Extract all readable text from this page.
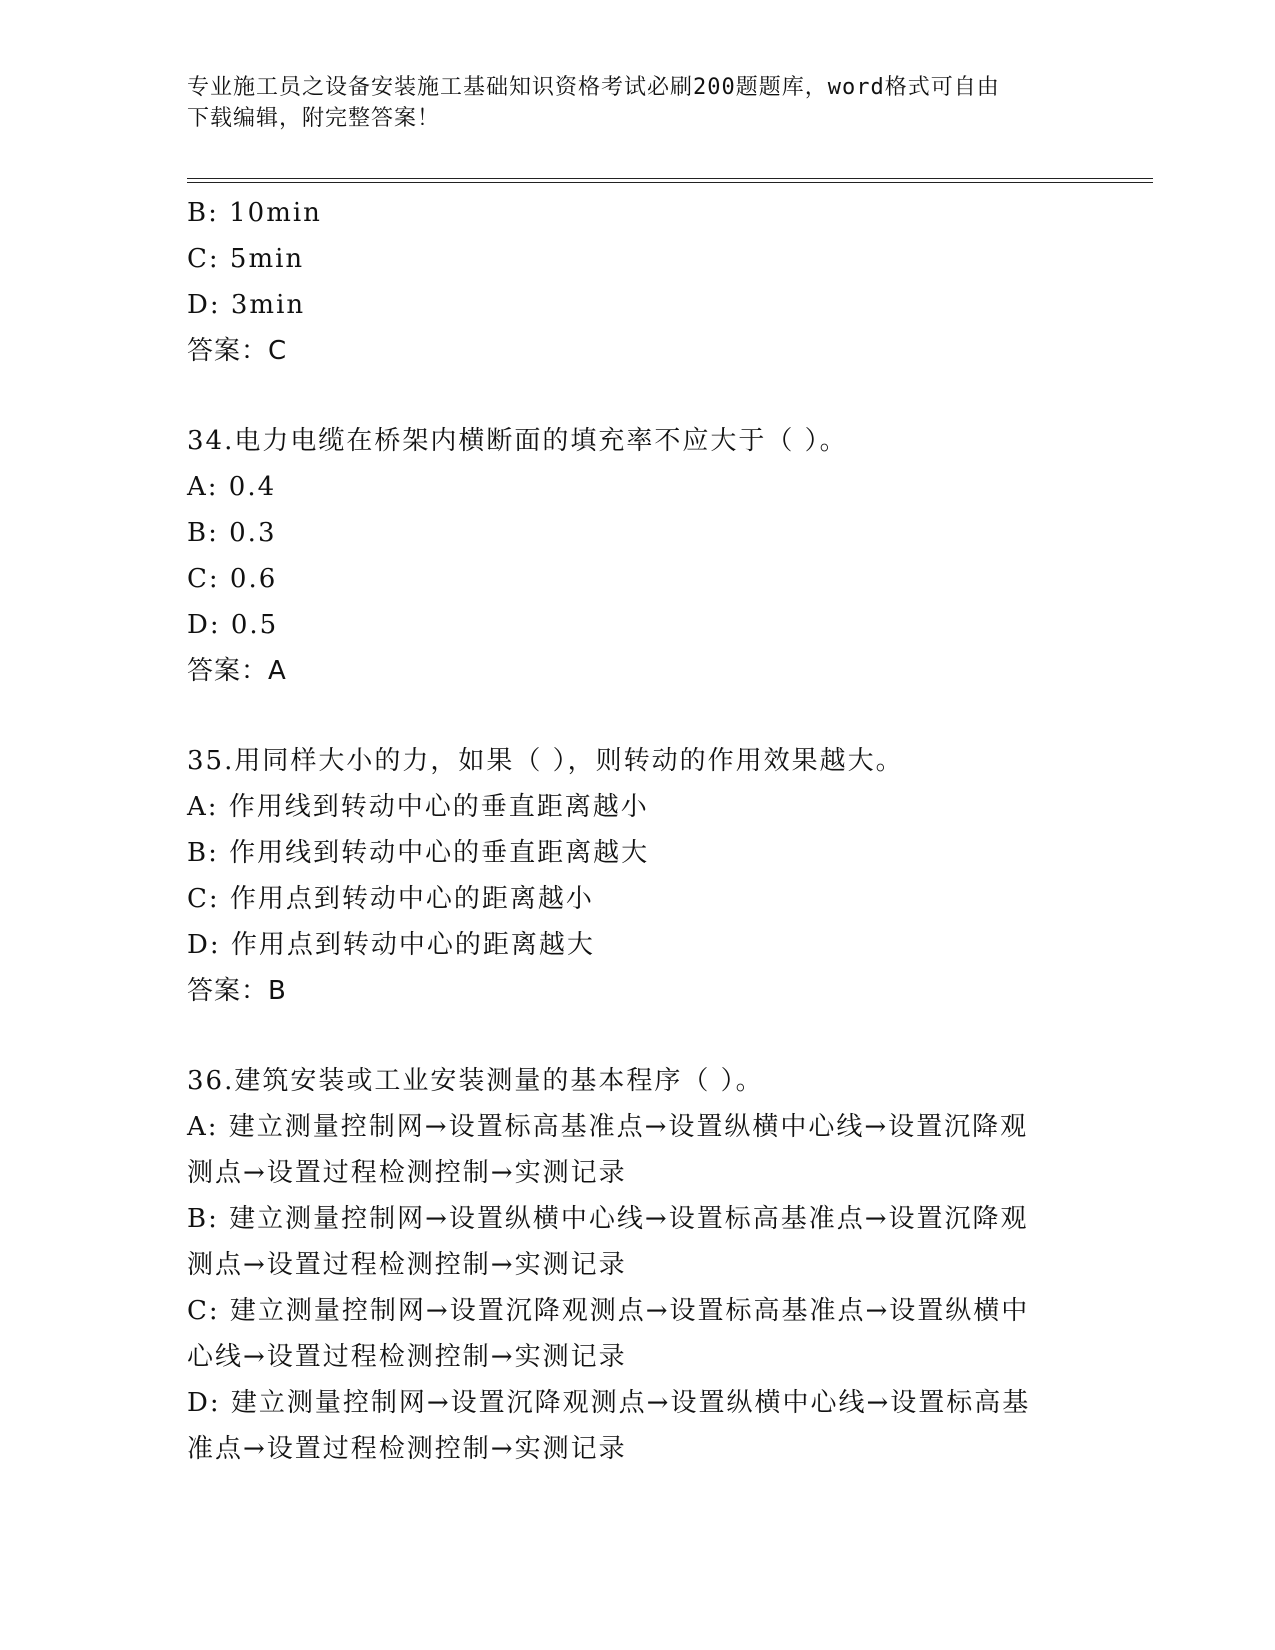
专业施工员之设备安装施工基础知识资格考试必刷200题题库，word格式可自由
下载编辑，附完整答案！
B: 10min
C: 5min
D: 3min
答案：C
34.电力电缆在桥架内横断面的填充率不应大于（ ）。
A: 0.4
B: 0.3
C: 0.6
D: 0.5
答案：A
35.用同样大小的力，如果（ ），则转动的作用效果越大。
A: 作用线到转动中心的垂直距离越小
B: 作用线到转动中心的垂直距离越大
C: 作用点到转动中心的距离越小
D: 作用点到转动中心的距离越大
答案：B
36.建筑安装或工业安装测量的基本程序（ ）。
A: 建立测量控制网→设置标高基准点→设置纵横中心线→设置沉降观
测点→设置过程检测控制→实测记录
B: 建立测量控制网→设置纵横中心线→设置标高基准点→设置沉降观
测点→设置过程检测控制→实测记录
C: 建立测量控制网→设置沉降观测点→设置标高基准点→设置纵横中
心线→设置过程检测控制→实测记录
D: 建立测量控制网→设置沉降观测点→设置纵横中心线→设置标高基
准点→设置过程检测控制→实测记录
